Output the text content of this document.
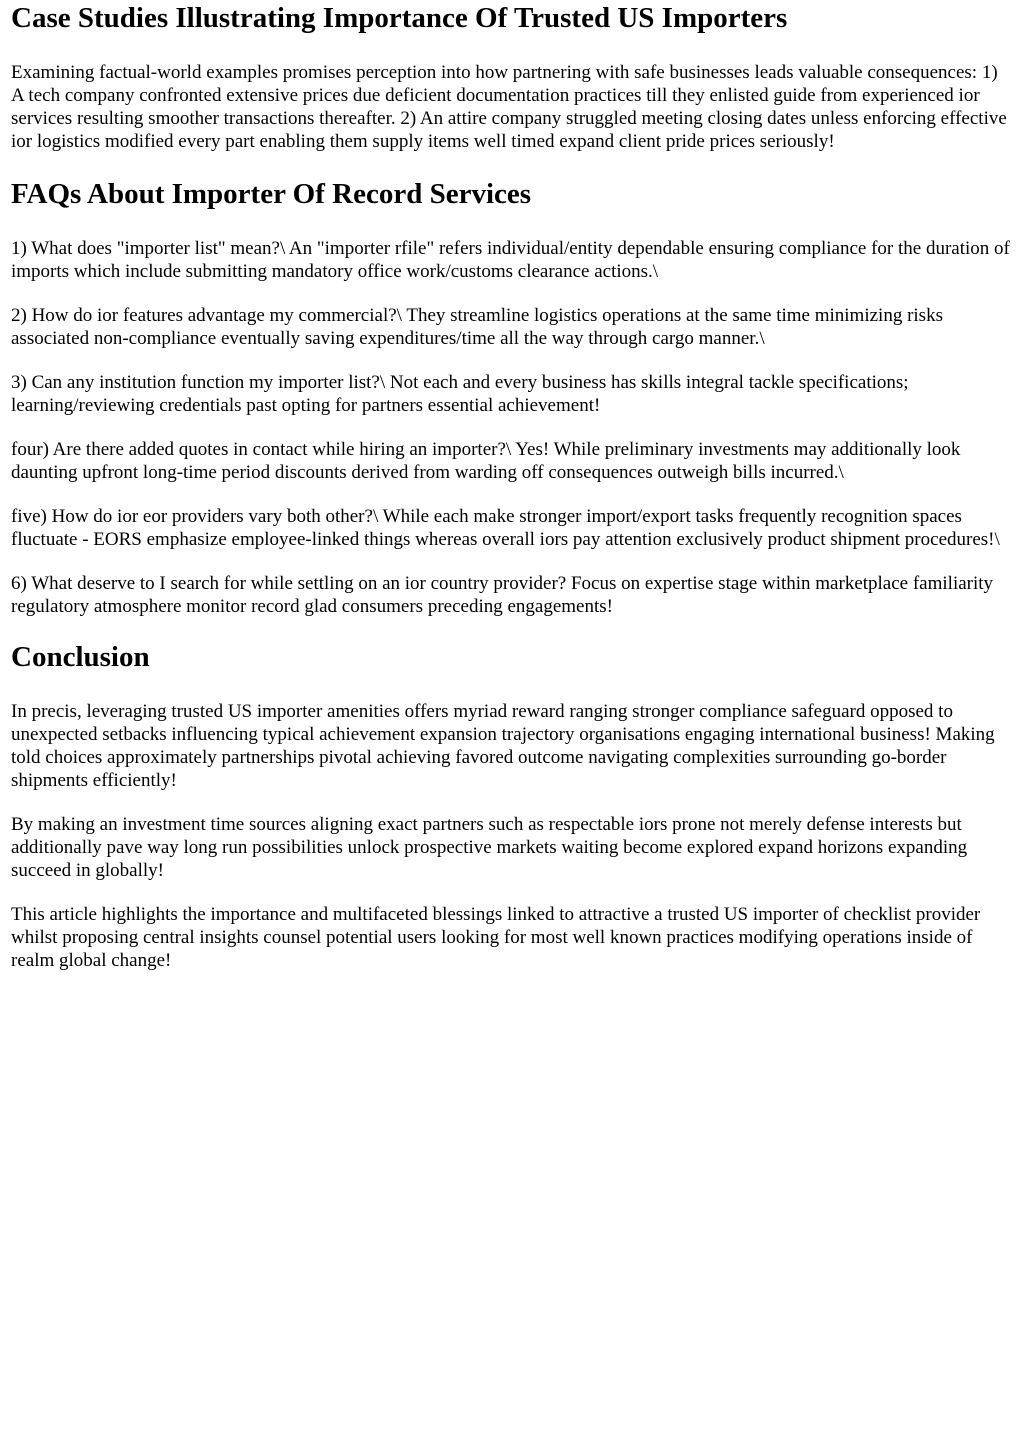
Case Studies Illustrating Importance Of Trusted US Importers

Examining factual-world examples promises perception into how partnering with safe businesses leads valuable consequences: 1) A tech company confronted extensive prices due deficient documentation practices till they enlisted guide from experienced ior services resulting smoother transactions thereafter. 2) An attire company struggled meeting closing dates unless enforcing effective ior logistics modified every part enabling them supply items well timed expand client pride prices seriously!

FAQs About Importer Of Record Services

1) What does "importer list" mean?\ An "importer rfile" refers individual/entity dependable ensuring compliance for the duration of imports which include submitting mandatory office work/customs clearance actions.\

2) How do ior features advantage my commercial?\ They streamline logistics operations at the same time minimizing risks associated non-compliance eventually saving expenditures/time all the way through cargo manner.\

3) Can any institution function my importer list?\ Not each and every business has skills integral tackle specifications; learning/reviewing credentials past opting for partners essential achievement!

four) Are there added quotes in contact while hiring an importer?\ Yes! While preliminary investments may additionally look daunting upfront long-time period discounts derived from warding off consequences outweigh bills incurred.\

five) How do ior eor providers vary both other?\ While each make stronger import/export tasks frequently recognition spaces fluctuate - EORS emphasize employee-linked things whereas overall iors pay attention exclusively product shipment procedures!\

6) What deserve to I search for while settling on an ior country provider? Focus on expertise stage within marketplace familiarity regulatory atmosphere monitor record glad consumers preceding engagements!

Conclusion

In precis, leveraging trusted US importer amenities offers myriad reward ranging stronger compliance safeguard opposed to unexpected setbacks influencing typical achievement expansion trajectory organisations engaging international business! Making told choices approximately partnerships pivotal achieving favored outcome navigating complexities surrounding go-border shipments efficiently!

By making an investment time sources aligning exact partners such as respectable iors prone not merely defense interests but additionally pave way long run possibilities unlock prospective markets waiting become explored expand horizons expanding succeed in globally!

This article highlights the importance and multifaceted blessings linked to attractive a trusted US importer of checklist provider whilst proposing central insights counsel potential users looking for most well known practices modifying operations inside of realm global change!
